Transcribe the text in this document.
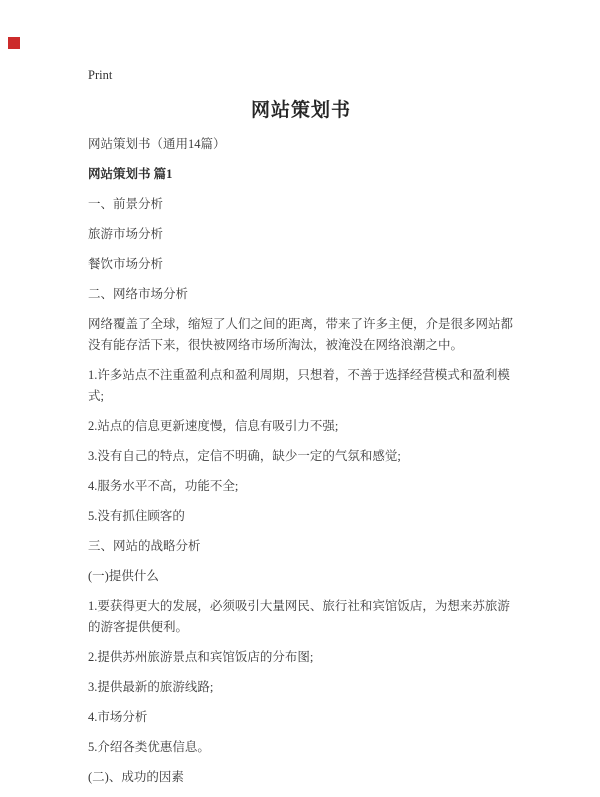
Print
网站策划书

网站策划书（通用14篇）

网站策划书 篇1

一、前景分析

旅游市场分析

餐饮市场分析

二、网络市场分析

网络覆盖了全球，缩短了人们之间的距离，带来了许多主便，介是很多网站都没有能存活下来，很快被网络市场所淘汰，被淹没在网络浪潮之中。

1.许多站点不注重盈利点和盈利周期，只想着，不善于选择经营模式和盈利模式;

2.站点的信息更新速度慢，信息有吸引力不强;

3.没有自己的特点，定信不明确，缺少一定的气氛和感觉;

4.服务水平不高，功能不全;

5.没有抓住顾客的

三、网站的战略分析

(一)提供什么

1.要获得更大的发展，必须吸引大量网民、旅行社和宾馆饭店，为想来苏旅游的游客提供便利。

2.提供苏州旅游景点和宾馆饭店的分布图;

3.提供最新的旅游线路;

4.市场分析

5.介绍各类优惠信息。

(二)、成功的因素
